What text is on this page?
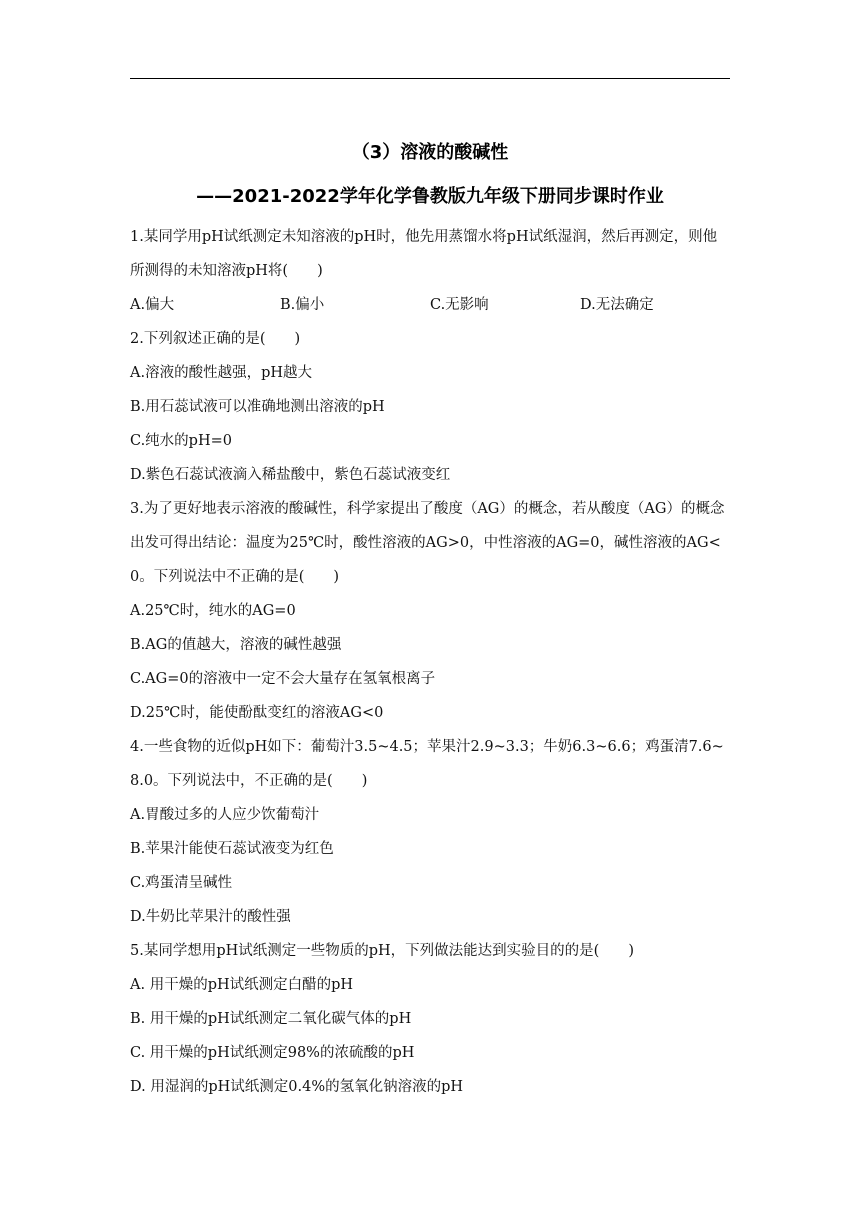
（3）溶液的酸碱性
——2021-2022学年化学鲁教版九年级下册同步课时作业
1.某同学用pH试纸测定未知溶液的pH时，他先用蒸馏水将pH试纸湿润，然后再测定，则他所测得的未知溶液pH将(　　)
A.偏大	B.偏小	C.无影响	D.无法确定
2.下列叙述正确的是(　　)
A.溶液的酸性越强，pH越大
B.用石蕊试液可以准确地测出溶液的pH
C.纯水的pH=0
D.紫色石蕊试液滴入稀盐酸中，紫色石蕊试液变红
3.为了更好地表示溶液的酸碱性，科学家提出了酸度（AG）的概念，若从酸度（AG）的概念出发可得出结论：温度为25℃时，酸性溶液的AG>0，中性溶液的AG=0，碱性溶液的AG<0。下列说法中不正确的是(　　)
A.25℃时，纯水的AG=0
B.AG的值越大，溶液的碱性越强
C.AG=0的溶液中一定不会大量存在氢氧根离子
D.25℃时，能使酚酞变红的溶液AG<0
4.一些食物的近似pH如下：葡萄汁3.5~4.5；苹果汁2.9~3.3；牛奶6.3~6.6；鸡蛋清7.6~8.0。下列说法中，不正确的是(　　)
A.胃酸过多的人应少饮葡萄汁
B.苹果汁能使石蕊试液变为红色
C.鸡蛋清呈碱性
D.牛奶比苹果汁的酸性强
5.某同学想用pH试纸测定一些物质的pH，下列做法能达到实验目的的是(　　)
A. 用干燥的pH试纸测定白醋的pH
B. 用干燥的pH试纸测定二氧化碳气体的pH
C. 用干燥的pH试纸测定98%的浓硫酸的pH
D. 用湿润的pH试纸测定0.4%的氢氧化钠溶液的pH
